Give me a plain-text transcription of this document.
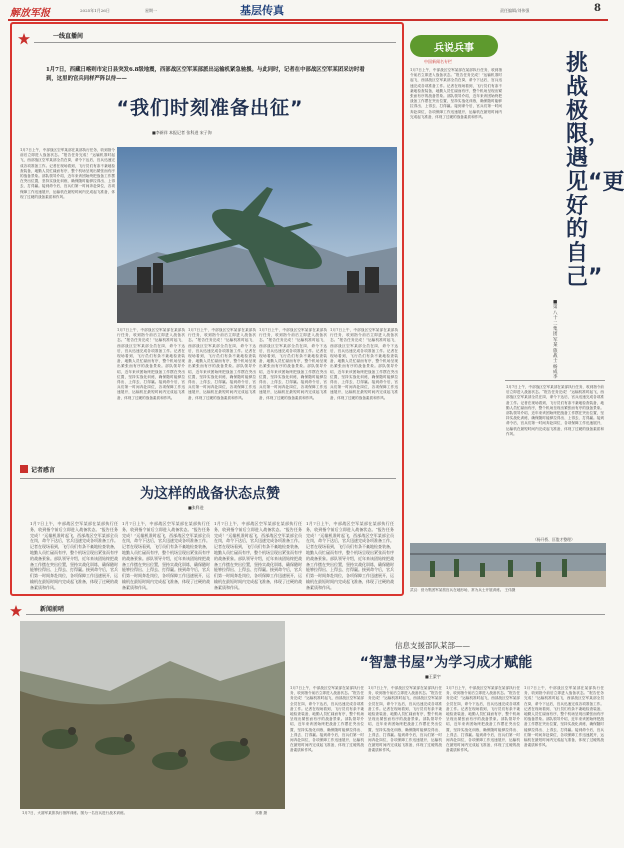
解放军报	2025年1月26日	星期一	基层传真	责任编辑/刘伟强	8
一线直播间
1月7日，西藏日喀则市定日县突发6.8级地震，西部战区空军某部派出运输机紧急驰援。与此同时，记者在中部战区空军某团采访时看到，这里的官兵同样严阵以待——
“我们时刻准备出征”
■李新祥 本报记者 张科进 宋子洵
1月7日上午，中部战区空军某部在某部执行任务，收到指令前后立即进入战备状态。“报告任务完成！”运输机准时起飞，西部战区空军某部全员在岗，命令下达后，官兵迅速完成各项准备工作。记者在现场看到，飞行员们有条不紊地检查装备，地勤人员忙碌而有序，整个机场呈现出紧张而有序的战备景象。部队领导介绍，近年来该团始终把战备工作摆在突出位置，坚持实战化训练，确保随时能够拉得出、上得去、打得赢。接到命令后，官兵们第一时间奔赴岗位，各项保障工作迅速展开，运输机在最短时间内完成起飞准备，体现了过硬的战备素质和作风。
1月7日上午，中部战区空军某部在某部执行任务，收到指令前后立即进入战备状态。“报告任务完成！”运输机准时起飞，西部战区空军某部全员在岗，命令下达后，官兵迅速完成各项准备工作。记者在现场看到，飞行员们有条不紊地检查装备，地勤人员忙碌而有序，整个机场呈现出紧张而有序的战备景象。部队领导介绍，近年来该团始终把战备工作摆在突出位置，坚持实战化训练，确保随时能够拉得出、上得去、打得赢。接到命令后，官兵们第一时间奔赴岗位，各项保障工作迅速展开，运输机在最短时间内完成起飞准备，体现了过硬的战备素质和作风。
1月7日上午，中部战区空军某部在某部执行任务，收到指令前后立即进入战备状态。“报告任务完成！”运输机准时起飞，西部战区空军某部全员在岗，命令下达后，官兵迅速完成各项准备工作。记者在现场看到，飞行员们有条不紊地检查装备，地勤人员忙碌而有序，整个机场呈现出紧张而有序的战备景象。部队领导介绍，近年来该团始终把战备工作摆在突出位置，坚持实战化训练，确保随时能够拉得出、上得去、打得赢。接到命令后，官兵们第一时间奔赴岗位，各项保障工作迅速展开，运输机在最短时间内完成起飞准备，体现了过硬的战备素质和作风。
1月7日上午，中部战区空军某部在某部执行任务，收到指令前后立即进入战备状态。“报告任务完成！”运输机准时起飞，西部战区空军某部全员在岗，命令下达后，官兵迅速完成各项准备工作。记者在现场看到，飞行员们有条不紊地检查装备，地勤人员忙碌而有序，整个机场呈现出紧张而有序的战备景象。部队领导介绍，近年来该团始终把战备工作摆在突出位置，坚持实战化训练，确保随时能够拉得出、上得去、打得赢。接到命令后，官兵们第一时间奔赴岗位，各项保障工作迅速展开，运输机在最短时间内完成起飞准备，体现了过硬的战备素质和作风。
1月7日上午，中部战区空军某部在某部执行任务，收到指令前后立即进入战备状态。“报告任务完成！”运输机准时起飞，西部战区空军某部全员在岗，命令下达后，官兵迅速完成各项准备工作。记者在现场看到，飞行员们有条不紊地检查装备，地勤人员忙碌而有序，整个机场呈现出紧张而有序的战备景象。部队领导介绍，近年来该团始终把战备工作摆在突出位置，坚持实战化训练，确保随时能够拉得出、上得去、打得赢。接到命令后，官兵们第一时间奔赴岗位，各项保障工作迅速展开，运输机在最短时间内完成起飞准备，体现了过硬的战备素质和作风。
记者感言
为这样的战备状态点赞
■张科进
1月7日上午，中部战区空军某部在某部执行任务，收到指令前后立即进入战备状态。“报告任务完成！”运输机准时起飞，西部战区空军某部全员在岗，命令下达后，官兵迅速完成各项准备工作。记者在现场看到，飞行员们有条不紊地检查装备，地勤人员忙碌而有序，整个机场呈现出紧张而有序的战备景象。部队领导介绍，近年来该团始终把战备工作摆在突出位置，坚持实战化训练，确保随时能够拉得出、上得去、打得赢。接到命令后，官兵们第一时间奔赴岗位，各项保障工作迅速展开，运输机在最短时间内完成起飞准备，体现了过硬的战备素质和作风。
1月7日上午，中部战区空军某部在某部执行任务，收到指令前后立即进入战备状态。“报告任务完成！”运输机准时起飞，西部战区空军某部全员在岗，命令下达后，官兵迅速完成各项准备工作。记者在现场看到，飞行员们有条不紊地检查装备，地勤人员忙碌而有序，整个机场呈现出紧张而有序的战备景象。部队领导介绍，近年来该团始终把战备工作摆在突出位置，坚持实战化训练，确保随时能够拉得出、上得去、打得赢。接到命令后，官兵们第一时间奔赴岗位，各项保障工作迅速展开，运输机在最短时间内完成起飞准备，体现了过硬的战备素质和作风。
1月7日上午，中部战区空军某部在某部执行任务，收到指令前后立即进入战备状态。“报告任务完成！”运输机准时起飞，西部战区空军某部全员在岗，命令下达后，官兵迅速完成各项准备工作。记者在现场看到，飞行员们有条不紊地检查装备，地勤人员忙碌而有序，整个机场呈现出紧张而有序的战备景象。部队领导介绍，近年来该团始终把战备工作摆在突出位置，坚持实战化训练，确保随时能够拉得出、上得去、打得赢。接到命令后，官兵们第一时间奔赴岗位，各项保障工作迅速展开，运输机在最短时间内完成起飞准备，体现了过硬的战备素质和作风。
1月7日上午，中部战区空军某部在某部执行任务，收到指令前后立即进入战备状态。“报告任务完成！”运输机准时起飞，西部战区空军某部全员在岗，命令下达后，官兵迅速完成各项准备工作。记者在现场看到，飞行员们有条不紊地检查装备，地勤人员忙碌而有序，整个机场呈现出紧张而有序的战备景象。部队领导介绍，近年来该团始终把战备工作摆在突出位置，坚持实战化训练，确保随时能够拉得出、上得去、打得赢。接到命令后，官兵们第一时间奔赴岗位，各项保障工作迅速展开，运输机在最短时间内完成起飞准备，体现了过硬的战备素质和作风。
兵说兵事
中国新闻名专栏
1月7日上午，中部战区空军某部在某部执行任务，收到指令前后立即进入战备状态。“报告任务完成！”运输机准时起飞，西部战区空军某部全员在岗，命令下达后，官兵迅速完成各项准备工作。记者在现场看到，飞行员们有条不紊地检查装备，地勤人员忙碌而有序，整个机场呈现出紧张而有序的战备景象。部队领导介绍，近年来该团始终把战备工作摆在突出位置，坚持实战化训练，确保随时能够拉得出、上得去、打得赢。接到命令后，官兵们第一时间奔赴岗位，各项保障工作迅速展开，运输机在最短时间内完成起飞准备，体现了过硬的战备素质和作风。
挑战极限，遇见“更好的自己”
■第八十二集团军某旅战士 杨成李
1月7日上午，中部战区空军某部在某部执行任务，收到指令前后立即进入战备状态。“报告任务完成！”运输机准时起飞，西部战区空军某部全员在岗，命令下达后，官兵迅速完成各项准备工作。记者在现场看到，飞行员们有条不紊地检查装备，地勤人员忙碌而有序，整个机场呈现出紧张而有序的战备景象。部队领导介绍，近年来该团始终把战备工作摆在突出位置，坚持实战化训练，确保随时能够拉得出、上得去、打得赢。接到命令后，官兵们第一时间奔赴岗位，各项保障工作迅速展开，运输机在最短时间内完成起飞准备，体现了过硬的战备素质和作风。
（杨开桥、匡俊才整理）
武汉：营为集团军某旅官兵在地形场，常为兵士开展训练。 王伟摄
新闻前哨
1月7日，火箭军某旅执行指挥训练。图为一名官兵进行战术训练。	邓康 摄
信息支援部队某部——
“智慧书屋”为学习成才赋能
■王蒙宇
1月7日上午，中部战区空军某部在某部执行任务，收到指令前后立即进入战备状态。“报告任务完成！”运输机准时起飞，西部战区空军某部全员在岗，命令下达后，官兵迅速完成各项准备工作。记者在现场看到，飞行员们有条不紊地检查装备，地勤人员忙碌而有序，整个机场呈现出紧张而有序的战备景象。部队领导介绍，近年来该团始终把战备工作摆在突出位置，坚持实战化训练，确保随时能够拉得出、上得去、打得赢。接到命令后，官兵们第一时间奔赴岗位，各项保障工作迅速展开，运输机在最短时间内完成起飞准备，体现了过硬的战备素质和作风。
1月7日上午，中部战区空军某部在某部执行任务，收到指令前后立即进入战备状态。“报告任务完成！”运输机准时起飞，西部战区空军某部全员在岗，命令下达后，官兵迅速完成各项准备工作。记者在现场看到，飞行员们有条不紊地检查装备，地勤人员忙碌而有序，整个机场呈现出紧张而有序的战备景象。部队领导介绍，近年来该团始终把战备工作摆在突出位置，坚持实战化训练，确保随时能够拉得出、上得去、打得赢。接到命令后，官兵们第一时间奔赴岗位，各项保障工作迅速展开，运输机在最短时间内完成起飞准备，体现了过硬的战备素质和作风。
1月7日上午，中部战区空军某部在某部执行任务，收到指令前后立即进入战备状态。“报告任务完成！”运输机准时起飞，西部战区空军某部全员在岗，命令下达后，官兵迅速完成各项准备工作。记者在现场看到，飞行员们有条不紊地检查装备，地勤人员忙碌而有序，整个机场呈现出紧张而有序的战备景象。部队领导介绍，近年来该团始终把战备工作摆在突出位置，坚持实战化训练，确保随时能够拉得出、上得去、打得赢。接到命令后，官兵们第一时间奔赴岗位，各项保障工作迅速展开，运输机在最短时间内完成起飞准备，体现了过硬的战备素质和作风。
1月7日上午，中部战区空军某部在某部执行任务，收到指令前后立即进入战备状态。“报告任务完成！”运输机准时起飞，西部战区空军某部全员在岗，命令下达后，官兵迅速完成各项准备工作。记者在现场看到，飞行员们有条不紊地检查装备，地勤人员忙碌而有序，整个机场呈现出紧张而有序的战备景象。部队领导介绍，近年来该团始终把战备工作摆在突出位置，坚持实战化训练，确保随时能够拉得出、上得去、打得赢。接到命令后，官兵们第一时间奔赴岗位，各项保障工作迅速展开，运输机在最短时间内完成起飞准备，体现了过硬的战备素质和作风。
